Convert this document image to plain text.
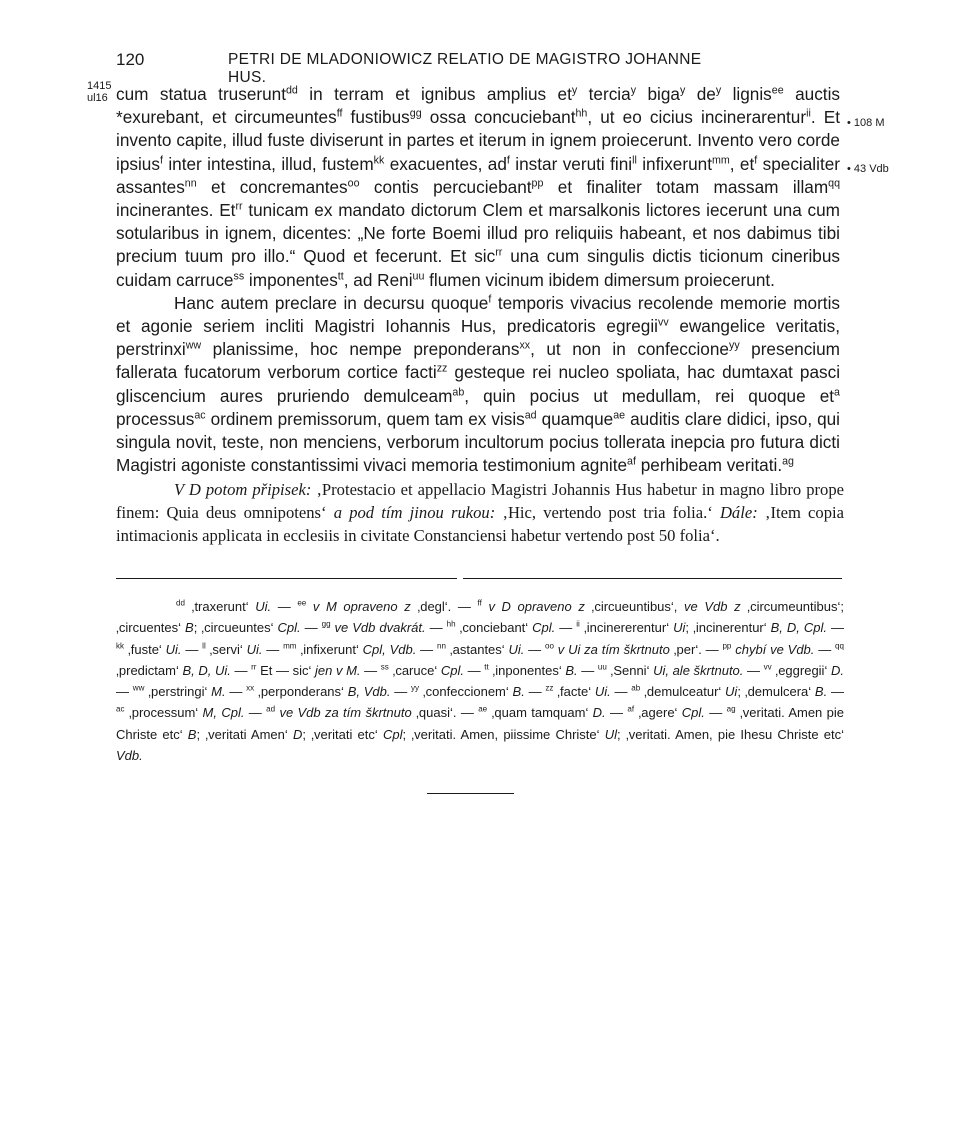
120	PETRI DE MLADONIOWICZ RELATIO DE MAGISTRO JOHANNE HUS.
1415
ul16
• 108 M
• 43 Vdb

cum statua truserunt$^{dd}$ in terram et ignibus amplius $et^y$ tercia$^y$ biga$^y$ $de^y$ lignis$^{ee}$ auctis *exurebant, et circumeuntes$^{ff}$ fustibus$^{gg}$ ossa concuciebant$^{hh}$, ut eo cicius incinerarentur$^{ii}$. Et invento capite, illud fuste diviserunt in partes et iterum in ignem proiecerunt. Invento vero corde ipsius$^f$ inter intestina, illud, fustem$^{kk}$ exacuentes, $ad^f$ instar veruti fini$^{ll}$ infixerunt$^{mm}$, $et^f$ specialiter assantes$^{nn}$ et concremantes$^{oo}$ contis percuciebant$^{pp}$ et finaliter totam massam illam$^{qq}$ incinerantes. $Et^{rr}$ tunicam ex mandato dictorum Clem et marsalkonis lictores iecerunt una cum sotularibus in ignem, dicentes: „Ne forte Boemi illud pro reliquiis habeant, et nos dabimus tibi precium tuum pro illo.“ Quod et fecerunt. Et sic$^{rr}$ una cum singulis dictis ticionum cineribus cuidam carruce$^{ss}$ imponentes$^{tt}$, ad Reni$^{uu}$ flumen vicinum ibidem dimersum proiecerunt.

Hanc autem preclare in decursu quoque$^f$ temporis vivacius recolende memorie mortis et agonie seriem incliti Magistri Iohannis Hus, predicatoris egregii$^{vv}$ ewangelice veritatis, perstrinxi$^{ww}$ planissime, hoc nempe preponderans$^{xx}$, ut non in confeccione$^{yy}$ presencium fallerata fucatorum verborum cortice facti$^{zz}$ gesteque rei nucleo spoliata, hac dumtaxat pasci gliscencium aures pruriendo demulceam$^{ab}$, quin pocius ut medullam, rei quoque $et^a$ processus$^{ac}$ ordinem premissorum, quem tam ex visis$^{ad}$ quamque$^{ae}$ auditis clare didici, ipso, qui singula novit, teste, non menciens, verborum incultorum pocius tollerata inepcia pro futura dicti Magistri agoniste constantissimi vivaci memoria testimonium agnite$^{af}$ perhibeam veritati.$^{ag}$

V D potom připisek: ‚Protestacio et appellacio Magistri Johannis Hus habetur in magno libro prope finem: Quia deus omnipotens‘ a pod tím jinou rukou: ‚Hic, vertendo post tria folia.‘ Dále: ‚Item copia intimacionis applicata in ecclesiis in civitate Constanciensi habetur vertendo post 50 folia‘.

$^{dd}$ ‚traxerunt‘ Ui. — $^{ee}$ v M opraveno z ‚degl‘. — $^{ff}$ v D opraveno z ‚circueuntibus‘, ve Vdb z ‚circumeuntibus‘; ‚circuentes‘ B; ‚circueuntes‘ Cpl. — $^{gg}$ ve Vdb dvakrát. — $^{hh}$ ‚conciebant‘ Cpl. — $^{ii}$ ‚incinererentur‘ Ui; ‚incinerentur‘ B, D, Cpl. — $^{kk}$ ‚fuste‘ Ui. — $^{ll}$ ‚servi‘ Ui. — $^{mm}$ ‚infixerunt‘ Cpl, Vdb. — $^{nn}$ ‚astantes‘ Ui. — $^{oo}$ v Ui za tím škrtnuto ‚per‘. — $^{pp}$ chybí ve Vdb. — $^{qq}$ ‚predictam‘ B, D, Ui. — $^{rr}$ Et — sic‘ jen v M. — $^{ss}$ ‚caruce‘ Cpl. — $^{tt}$ ‚inponentes‘ B. — $^{uu}$ ‚Senni‘ Ui, ale škrtnuto. — $^{vv}$ ‚eggregii‘ D. — $^{ww}$ ‚perstringi‘ M. — $^{xx}$ ‚perponderans‘ B, Vdb. — $^{yy}$ ‚confeccionem‘ B. — $^{zz}$ ‚facte‘ Ui. — $^{ab}$ ‚demulceatur‘ Ui; ‚demulcera‘ B. — $^{ac}$ ‚processum‘ M, Cpl. — $^{ad}$ ve Vdb za tím škrtnuto ‚quasi‘. — $^{ae}$ ‚quam tamquam‘ D. — $^{af}$ ‚agere‘ Cpl. — $^{ag}$ ‚veritati. Amen pie Christe etc‘ B; ‚veritati Amen‘ D; ‚veritati etc‘ Cpl; ‚veritati. Amen, piissime Christe‘ Ul; ‚veritati. Amen, pie Ihesu Christe etc‘ Vdb.
